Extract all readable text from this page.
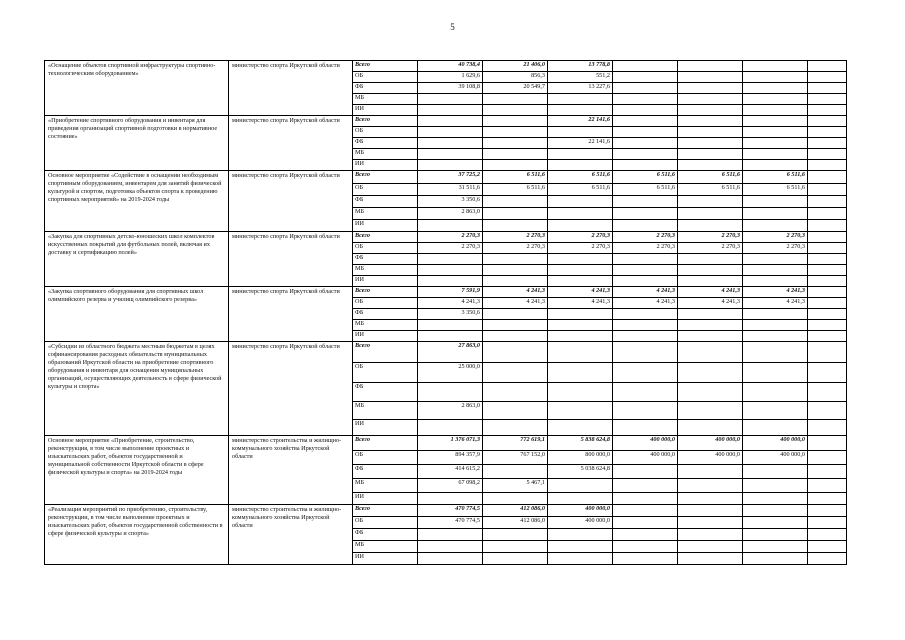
5
«Оснащение объектов спортивной инфраструктуры спортивно-технологическим оборудованием»	министерство спорта Иркутской области	Всего	40 738,4	21 406,0	13 778,8				
		ОБ	1 629,6	856,3	551,2				
		ФБ	39 108,8	20 549,7	13 227,6				
		МБ							
		ИИ							
«Приобретение спортивного оборудования и инвентаря для приведения организаций спортивной подготовки в нормативное состояние»	министерство спорта Иркутской области	Всего			22 141,6				
		ОБ							
		ФБ			22 141,6				
		МБ							
		ИИ							
Основное мероприятие «Содействие в оснащении необходимым спортивным оборудованием, инвентарем для занятий физической культурой и спортом, подготовка объектов спорта к проведению спортивных мероприятий» на 2019-2024 годы	министерство спорта Иркутской области	Всего	37 725,2	6 511,6	6 511,6	6 511,6	6 511,6	6 511,6	
		ОБ	31 511,6	6 511,6	6 511,6	6 511,6	6 511,6	6 511,6	
		ФБ	3 350,6						
		МБ	2 863,0						
		ИИ							
«Закупка для спортивных детско-юношеских школ комплектов искусственных покрытий для футбольных полей, включая их доставку и сертификацию полей»	министерство спорта Иркутской области	Всего	2 270,3	2 270,3	2 270,3	2 270,3	2 270,3	2 270,3	
		ОБ	2 270,3	2 270,3	2 270,3	2 270,3	2 270,3	2 270,3	
		ФБ							
		МБ							
		ИИ							
«Закупка спортивного оборудования для спортивных школ олимпийского резерва и училищ олимпийского резерва»	министерство спорта Иркутской области	Всего	7 591,9	4 241,3	4 241,3	4 241,3	4 241,3	4 241,3	
		ОБ	4 241,3	4 241,3	4 241,3	4 241,3	4 241,3	4 241,3	
		ФБ	3 350,6						
		МБ							
		ИИ							
«Субсидии из областного бюджета местным бюджетам в целях софинансирования расходных обязательств муниципальных образований Иркутской области на приобретение спортивного оборудования и инвентаря для оснащения муниципальных организаций, осуществляющих деятельность в сфере физической культуры и спорта»	министерство спорта Иркутской области	Всего	27 863,0						
		ОБ	25 000,0						
		ФБ							
		МБ	2 863,0						
		ИИ							
Основное мероприятие «Приобретение, строительство, реконструкция, в том числе выполнение проектных и изыскательских работ, объектов государственной и муниципальной собственности Иркутской области в сфере физической культуры и спорта» на 2019-2024 годы	министерство строительства и жилищно-коммунального хозяйства Иркутской области	Всего	1 376 071,3	772 619,1	5 838 624,8	400 000,0	400 000,0	400 000,0	
		ОБ	894 357,9	767 152,0	800 000,0	400 000,0	400 000,0	400 000,0	
		ФБ	414 615,2		5 038 624,8				
		МБ	67 098,2	5 467,1					
		ИИ							
«Реализация мероприятий по приобретению, строительству, реконструкции, в том числе выполнение проектных и изыскательских работ, объектов государственной собственности в сфере физической культуры и спорта»	министерство строительства и жилищно-коммунального хозяйства Иркутской области	Всего	470 774,5	412 086,0	400 000,0				
		ОБ	470 774,5	412 086,0	400 000,0				
		ФБ							
		МБ							
		ИИ							
